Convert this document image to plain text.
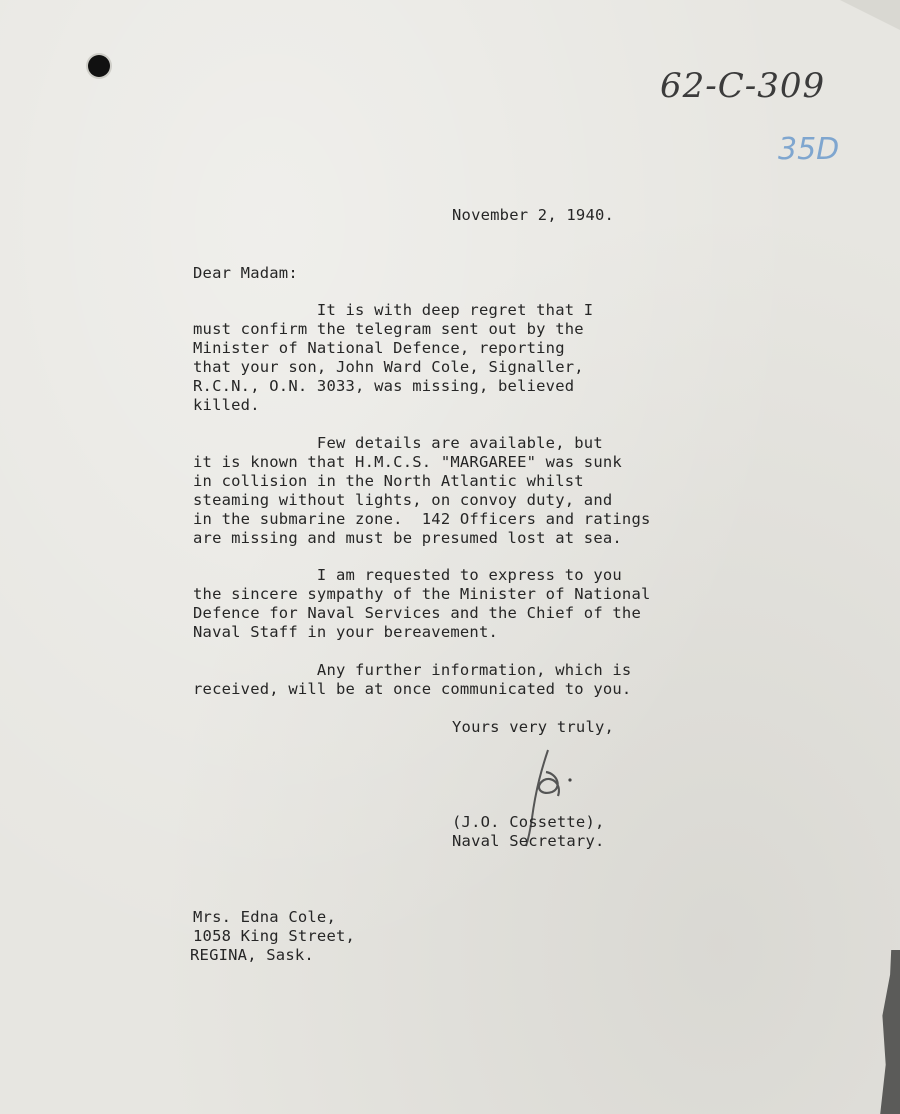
62-C-309
35D
November 2, 1940.
Dear Madam:
It is with deep regret that I
must confirm the telegram sent out by the
Minister of National Defence, reporting
that your son, John Ward Cole, Signaller,
R.C.N., O.N. 3033, was missing, believed
killed.
Few details are available, but
it is known that H.M.C.S. "MARGAREE" was sunk
in collision in the North Atlantic whilst
steaming without lights, on convoy duty, and
in the submarine zone.  142 Officers and ratings
are missing and must be presumed lost at sea.
I am requested to express to you
the sincere sympathy of the Minister of National
Defence for Naval Services and the Chief of the
Naval Staff in your bereavement.
Any further information, which is
received, will be at once communicated to you.
Yours very truly,
(J.O. Cossette),
Naval Secretary.
Mrs. Edna Cole,
1058 King Street,
REGINA, Sask.
